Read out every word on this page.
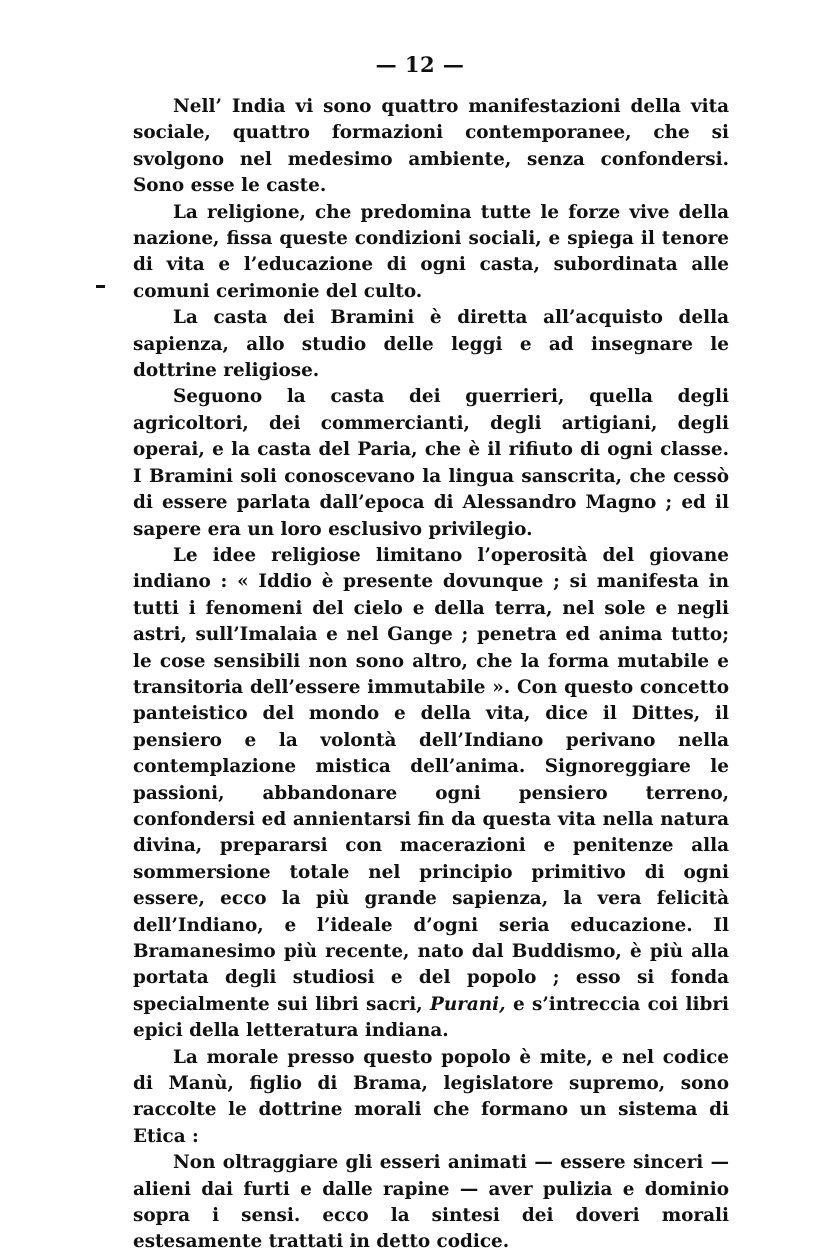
— 12 —

Nell’ India vi sono quattro manifestazioni della vita sociale, quattro formazioni contemporanee, che si svolgono nel medesimo ambiente, senza confondersi. Sono esse le caste.

La religione, che predomina tutte le forze vive della nazione, fissa queste condizioni sociali, e spiega il tenore di vita e l’educazione di ogni casta, subordinata alle comuni cerimonie del culto.

La casta dei Bramini è diretta all’acquisto della sapienza, allo studio delle leggi e ad insegnare le dottrine religiose.

Seguono la casta dei guerrieri, quella degli agricoltori, dei commercianti, degli artigiani, degli operai, e la casta del Paria, che è il rifiuto di ogni classe. I Bramini soli conoscevano la lingua sanscrita, che cessò di essere parlata dall’epoca di Alessandro Magno ; ed il sapere era un loro esclusivo privilegio.

Le idee religiose limitano l’operosità del giovane indiano : « Iddio è presente dovunque ; si manifesta in tutti i fenomeni del cielo e della terra, nel sole e negli astri, sull’Imalaia e nel Gange ; penetra ed anima tutto; le cose sensibili non sono altro, che la forma mutabile e transitoria dell’essere immutabile ». Con questo concetto panteistico del mondo e della vita, dice il Dittes, il pensiero e la volontà dell’Indiano perivano nella contemplazione mistica dell’anima. Signoreggiare le passioni, abbandonare ogni pensiero terreno, confondersi ed annientarsi fin da questa vita nella natura divina, prepararsi con macerazioni e penitenze alla sommersione totale nel principio primitivo di ogni essere, ecco la più grande sapienza, la vera felicità dell’Indiano, e l’ideale d’ogni seria educazione. Il Bramanesimo più recente, nato dal Buddismo, è più alla portata degli studiosi e del popolo ; esso si fonda specialmente sui libri sacri, Purani, e s’intreccia coi libri epici della letteratura indiana.

La morale presso questo popolo è mite, e nel codice di Manù, figlio di Brama, legislatore supremo, sono raccolte le dottrine morali che formano un sistema di Etica :

Non oltraggiare gli esseri animati — essere sinceri — alieni dai furti e dalle rapine — aver pulizia e dominio sopra i sensi. ecco la sintesi dei doveri morali estesamente trattati in detto codice.
